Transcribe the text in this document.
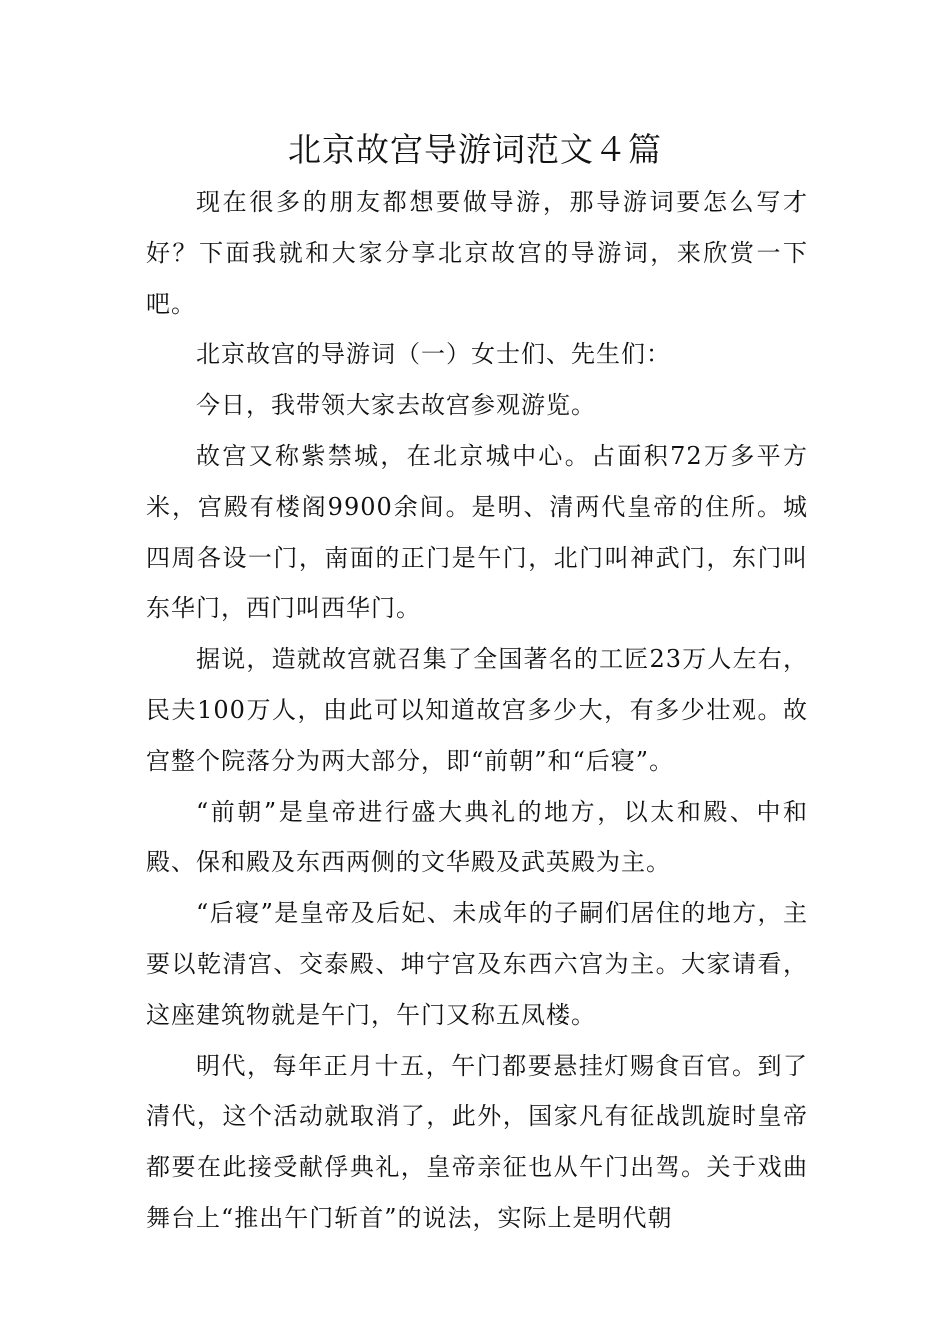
北京故宫导游词范文４篇

现在很多的朋友都想要做导游，那导游词要怎么写才好？下面我就和大家分享北京故宫的导游词，来欣赏一下吧。

北京故宫的导游词（一）女士们、先生们：

今日，我带领大家去故宫参观游览。

故宫又称紫禁城，在北京城中心。占面积72万多平方米，宫殿有楼阁9900余间。是明、清两代皇帝的住所。城四周各设一门，南面的正门是午门，北门叫神武门，东门叫东华门，西门叫西华门。

据说，造就故宫就召集了全国著名的工匠23万人左右，民夫100万人，由此可以知道故宫多少大，有多少壮观。故宫整个院落分为两大部分，即“前朝”和“后寝”。

“前朝”是皇帝进行盛大典礼的地方，以太和殿、中和殿、保和殿及东西两侧的文华殿及武英殿为主。

“后寝”是皇帝及后妃、未成年的子嗣们居住的地方，主要以乾清宫、交泰殿、坤宁宫及东西六宫为主。大家请看，这座建筑物就是午门，午门又称五凤楼。

明代，每年正月十五，午门都要悬挂灯赐食百官。到了清代，这个活动就取消了，此外，国家凡有征战凯旋时皇帝都要在此接受献俘典礼，皇帝亲征也从午门出驾。关于戏曲舞台上“推出午门斩首”的说法，实际上是明代朝
